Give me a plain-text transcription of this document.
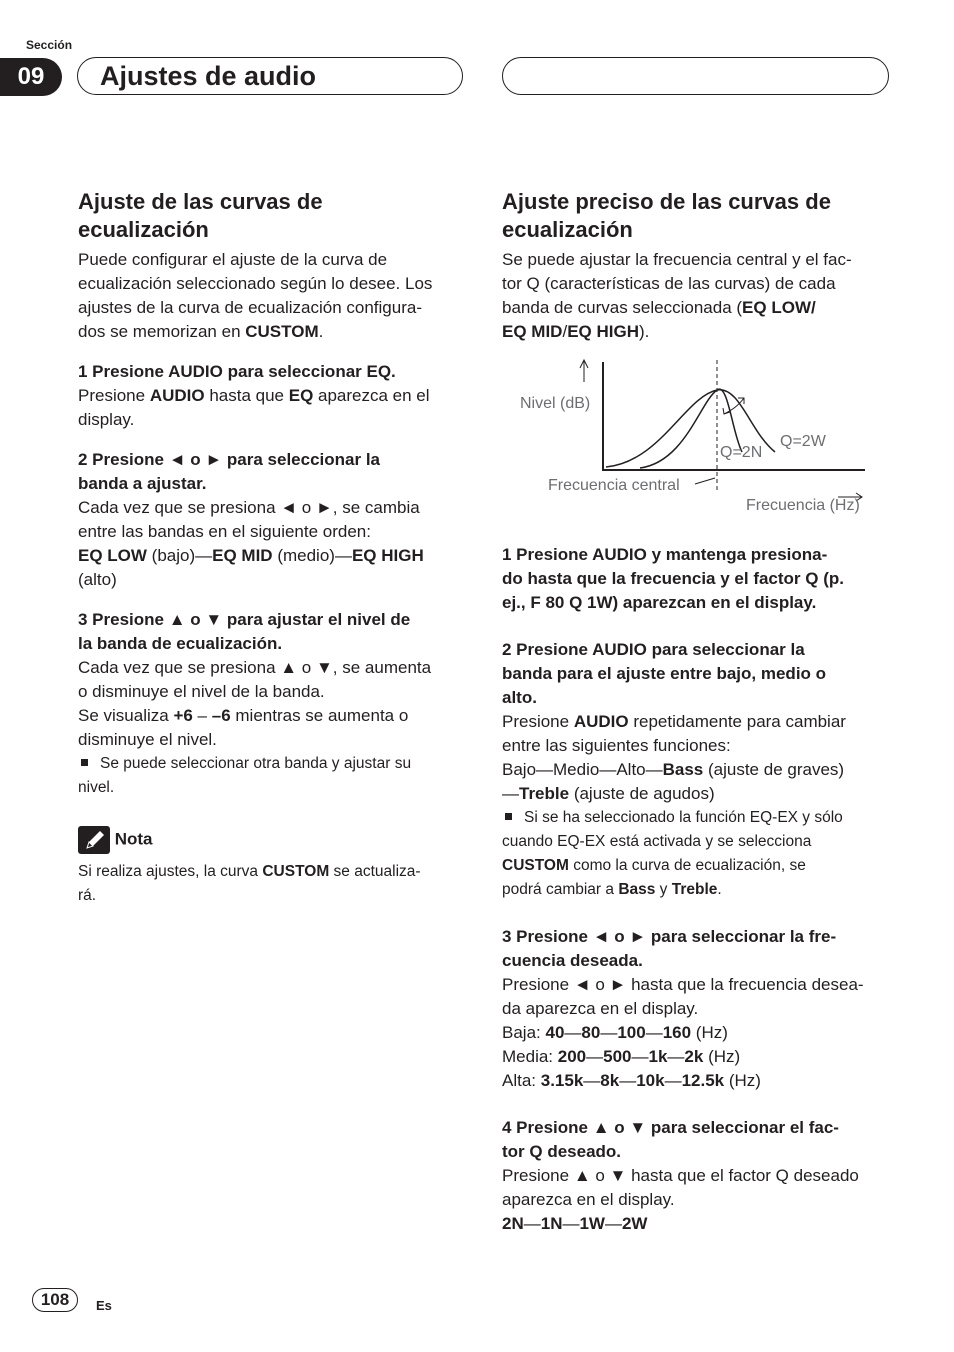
Sección
09	Ajustes de audio

Ajuste de las curvas de
ecualización

Puede configurar el ajuste de la curva de
ecualización seleccionado según lo desee. Los
ajustes de la curva de ecualización configura-
dos se memorizan en CUSTOM.

1 Presione AUDIO para seleccionar EQ.

Presione AUDIO hasta que EQ aparezca en el
display.

2 Presione ◄ o ► para seleccionar la
banda a ajustar.

Cada vez que se presiona ◄ o ►, se cambia
entre las bandas en el siguiente orden:
EQ LOW (bajo)—EQ MID (medio)—EQ HIGH
(alto)

3 Presione ▲ o ▼ para ajustar el nivel de
la banda de ecualización.

Cada vez que se presiona ▲ o ▼, se aumenta
o disminuye el nivel de la banda.
Se visualiza +6 – –6 mientras se aumenta o
disminuye el nivel.

Se puede seleccionar otra banda y ajustar su
nivel.

Nota

Si realiza ajustes, la curva CUSTOM se actualiza-
rá.

Ajuste preciso de las curvas de
ecualización

Se puede ajustar la frecuencia central y el fac-
tor Q (características de las curvas) de cada
banda de curvas seleccionada (EQ LOW/
EQ MID/EQ HIGH).

Nivel (dB)
Q=2N
Q=2W
Frecuencia central
Frecuencia (Hz)

1 Presione AUDIO y mantenga presiona-
do hasta que la frecuencia y el factor Q (p.
ej., F 80 Q 1W) aparezcan en el display.

2 Presione AUDIO para seleccionar la
banda para el ajuste entre bajo, medio o
alto.

Presione AUDIO repetidamente para cambiar
entre las siguientes funciones:
Bajo—Medio—Alto—Bass (ajuste de graves)
—Treble (ajuste de agudos)

Si se ha seleccionado la función EQ-EX y sólo
cuando EQ-EX está activada y se selecciona
CUSTOM como la curva de ecualización, se
podrá cambiar a Bass y Treble.

3 Presione ◄ o ► para seleccionar la fre-
cuencia deseada.

Presione ◄ o ► hasta que la frecuencia desea-
da aparezca en el display.
Baja: 40—80—100—160 (Hz)
Media: 200—500—1k—2k (Hz)
Alta: 3.15k—8k—10k—12.5k (Hz)

4 Presione ▲ o ▼ para seleccionar el fac-
tor Q deseado.

Presione ▲ o ▼ hasta que el factor Q deseado
aparezca en el display.
2N—1N—1W—2W

108	Es
